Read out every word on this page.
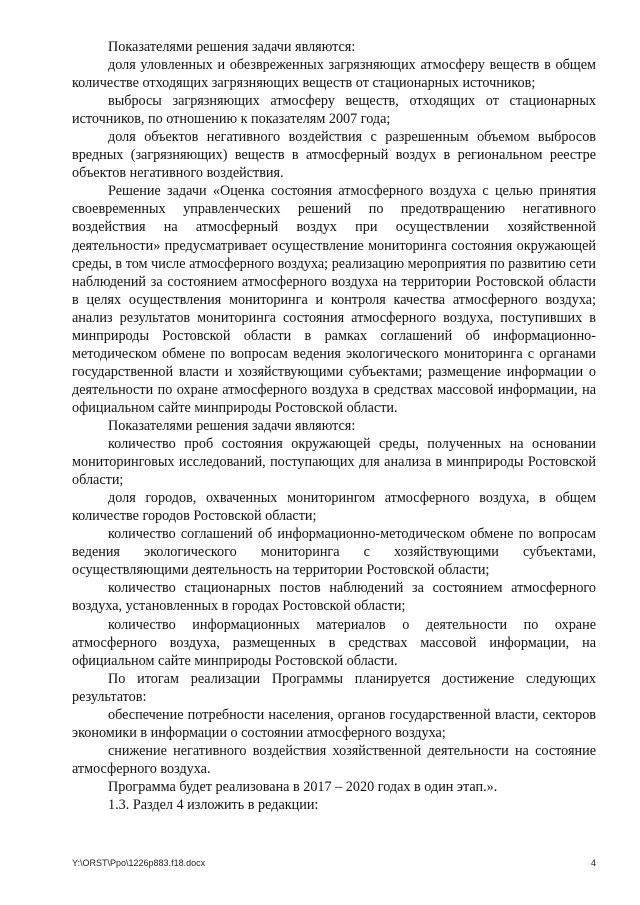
Показателями решения задачи являются:

доля уловленных и обезвреженных загрязняющих атмосферу веществ в общем количестве отходящих загрязняющих веществ от стационарных источников;

выбросы загрязняющих атмосферу веществ, отходящих от стационарных источников, по отношению к показателям 2007 года;

доля объектов негативного воздействия с разрешенным объемом выбросов вредных (загрязняющих) веществ в атмосферный воздух в региональном реестре объектов негативного воздействия.

Решение задачи «Оценка состояния атмосферного воздуха с целью принятия своевременных управленческих решений по предотвращению негативного воздействия на атмосферный воздух при осуществлении хозяйственной деятельности» предусматривает осуществление мониторинга состояния окружающей среды, в том числе атмосферного воздуха; реализацию мероприятия по развитию сети наблюдений за состоянием атмосферного воздуха на территории Ростовской области в целях осуществления мониторинга и контроля качества атмосферного воздуха; анализ результатов мониторинга состояния атмосферного воздуха, поступивших в минприроды Ростовской области в рамках соглашений об информационно-методическом обмене по вопросам ведения экологического мониторинга с органами государственной власти и хозяйствующими субъектами; размещение информации о деятельности по охране атмосферного воздуха в средствах массовой информации, на официальном сайте минприроды Ростовской области.

Показателями решения задачи являются:

количество проб состояния окружающей среды, полученных на основании мониторинговых исследований, поступающих для анализа в минприроды Ростовской области;

доля городов, охваченных мониторингом атмосферного воздуха, в общем количестве городов Ростовской области;

количество соглашений об информационно-методическом обмене по вопросам ведения экологического мониторинга с хозяйствующими субъектами, осуществляющими деятельность на территории Ростовской области;

количество стационарных постов наблюдений за состоянием атмосферного воздуха, установленных в городах Ростовской области;

количество информационных материалов о деятельности по охране атмосферного воздуха, размещенных в средствах массовой информации, на официальном сайте минприроды Ростовской области.

По итогам реализации Программы планируется достижение следующих результатов:

обеспечение потребности населения, органов государственной власти, секторов экономики в информации о состоянии атмосферного воздуха;

снижение негативного воздействия хозяйственной деятельности на состояние атмосферного воздуха.

Программа будет реализована в 2017 – 2020 годах в один этап.».

1.3. Раздел 4 изложить в редакции:

Y:\ORST\Ppo\1226p883.f18.docx	4
